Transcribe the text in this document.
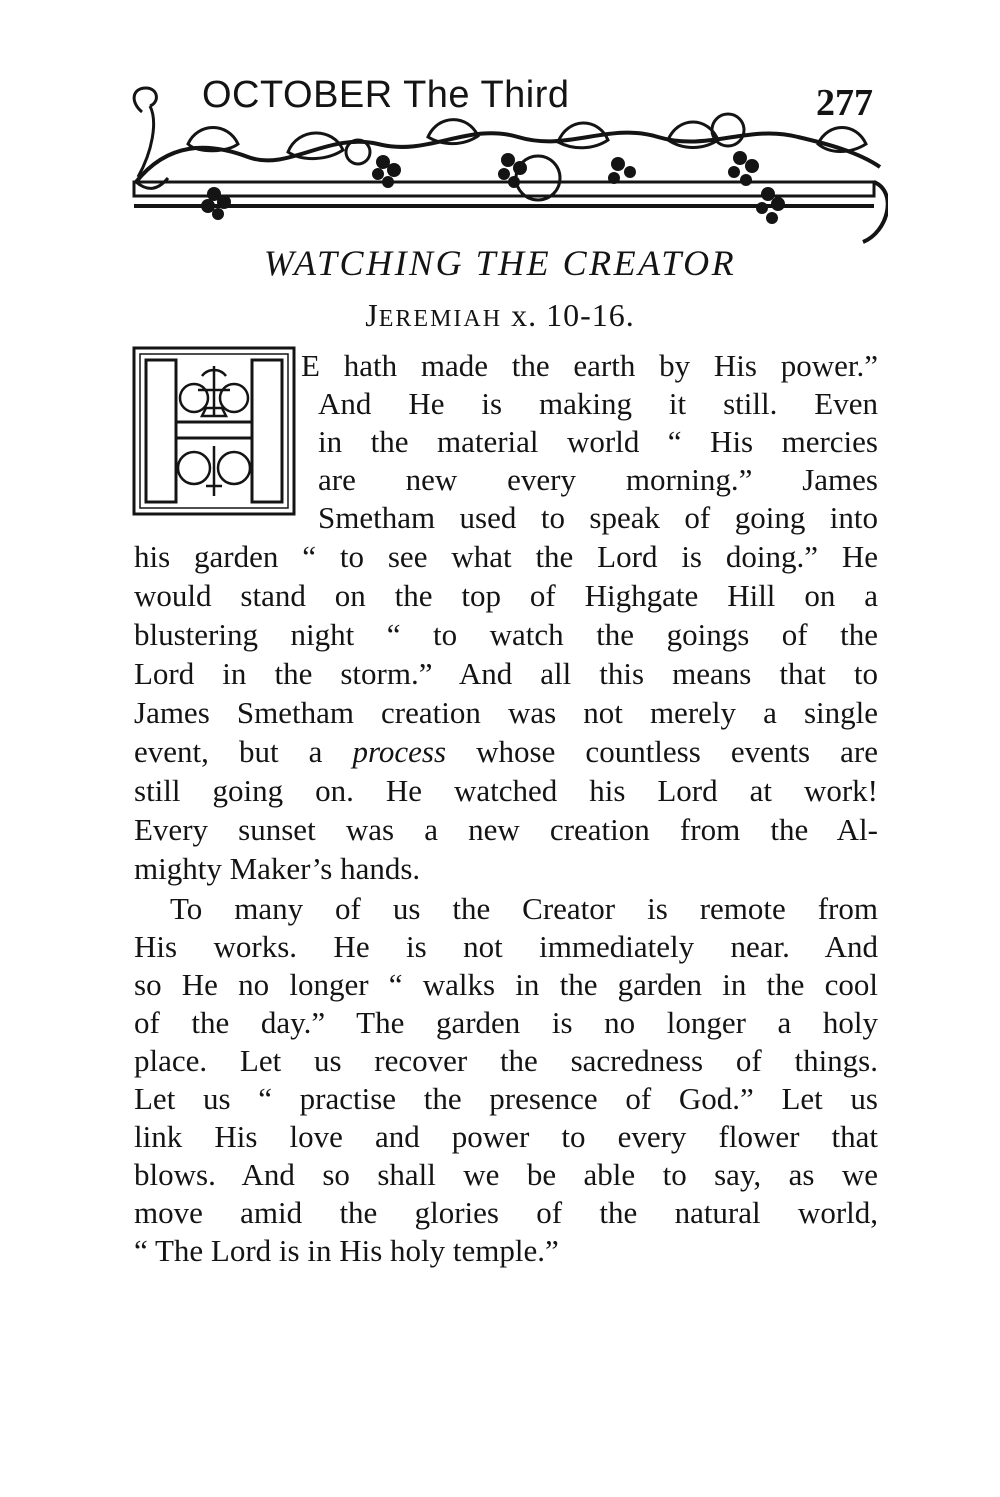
OCTOBER The Third	277
WATCHING THE CREATOR
JEREMIAH x. 10-16.
E hath made the earth by His power.”
And He is making it still. Even
in the material world “ His mercies
are new every morning.” James
Smetham used to speak of going into
his garden “ to see what the Lord is doing.” He
would stand on the top of Highgate Hill on a
blustering night “ to watch the goings of the
Lord in the storm.” And all this means that to
James Smetham creation was not merely a single
event, but a process whose countless events are
still going on. He watched his Lord at work!
Every sunset was a new creation from the Al-
mighty Maker’s hands.
To many of us the Creator is remote from
His works. He is not immediately near. And
so He no longer “ walks in the garden in the cool
of the day.” The garden is no longer a holy
place. Let us recover the sacredness of things.
Let us “ practise the presence of God.” Let us
link His love and power to every flower that
blows. And so shall we be able to say, as we
move amid the glories of the natural world,
“ The Lord is in His holy temple.”
